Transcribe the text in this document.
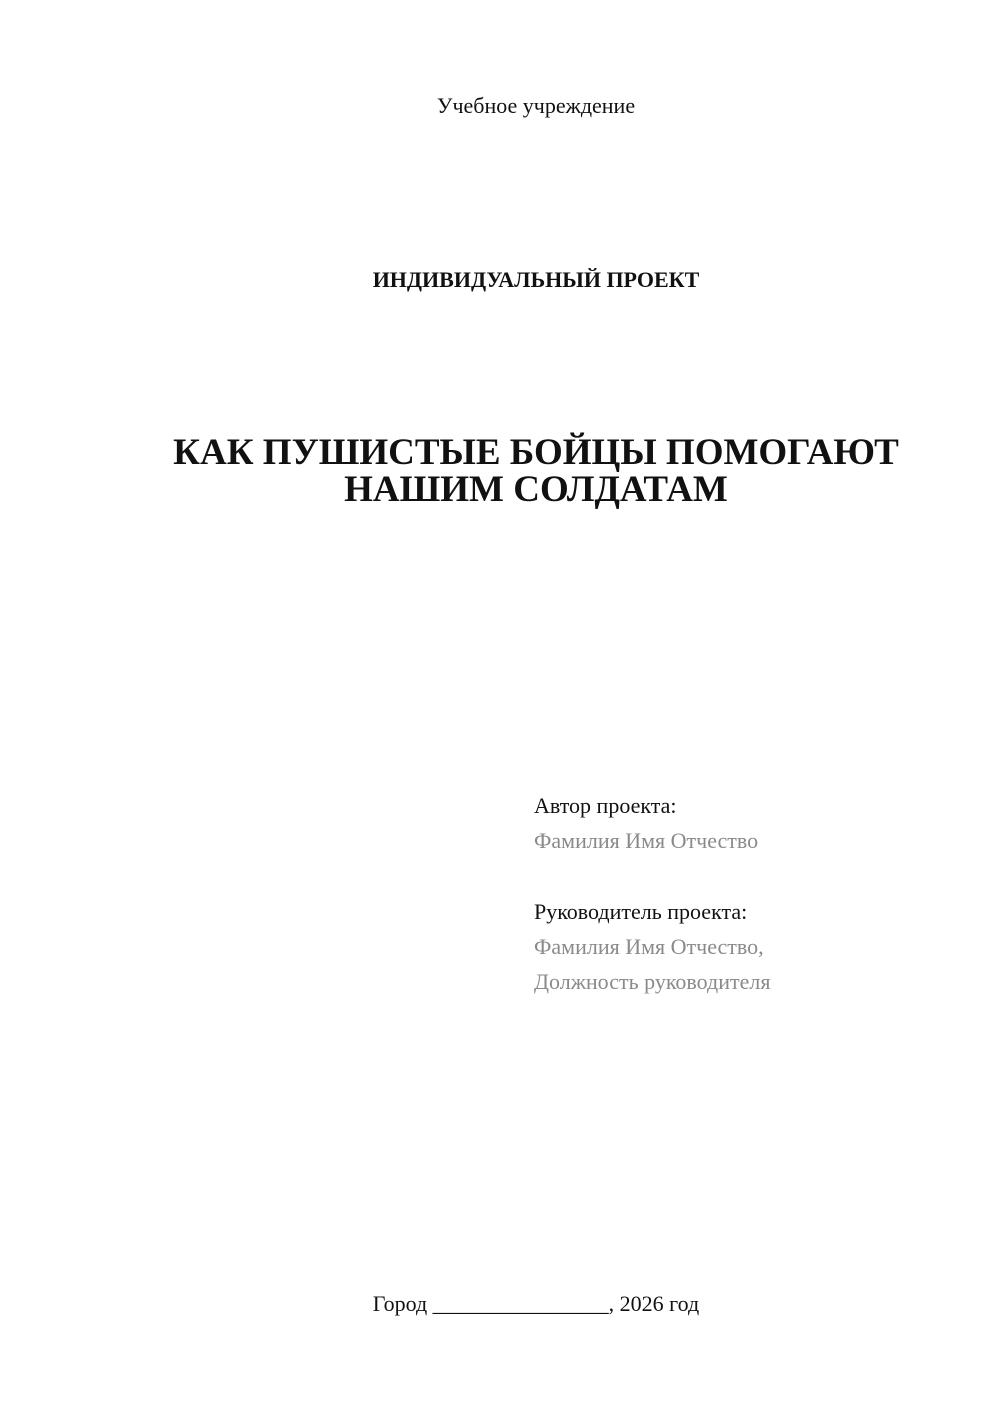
Учебное учреждение
ИНДИВИДУАЛЬНЫЙ ПРОЕКТ
КАК ПУШИСТЫЕ БОЙЦЫ ПОМОГАЮТ
НАШИМ СОЛДАТАМ
Автор проекта:
Фамилия Имя Отчество
Руководитель проекта:
Фамилия Имя Отчество,
Должность руководителя
Город ________________, 2026 год
